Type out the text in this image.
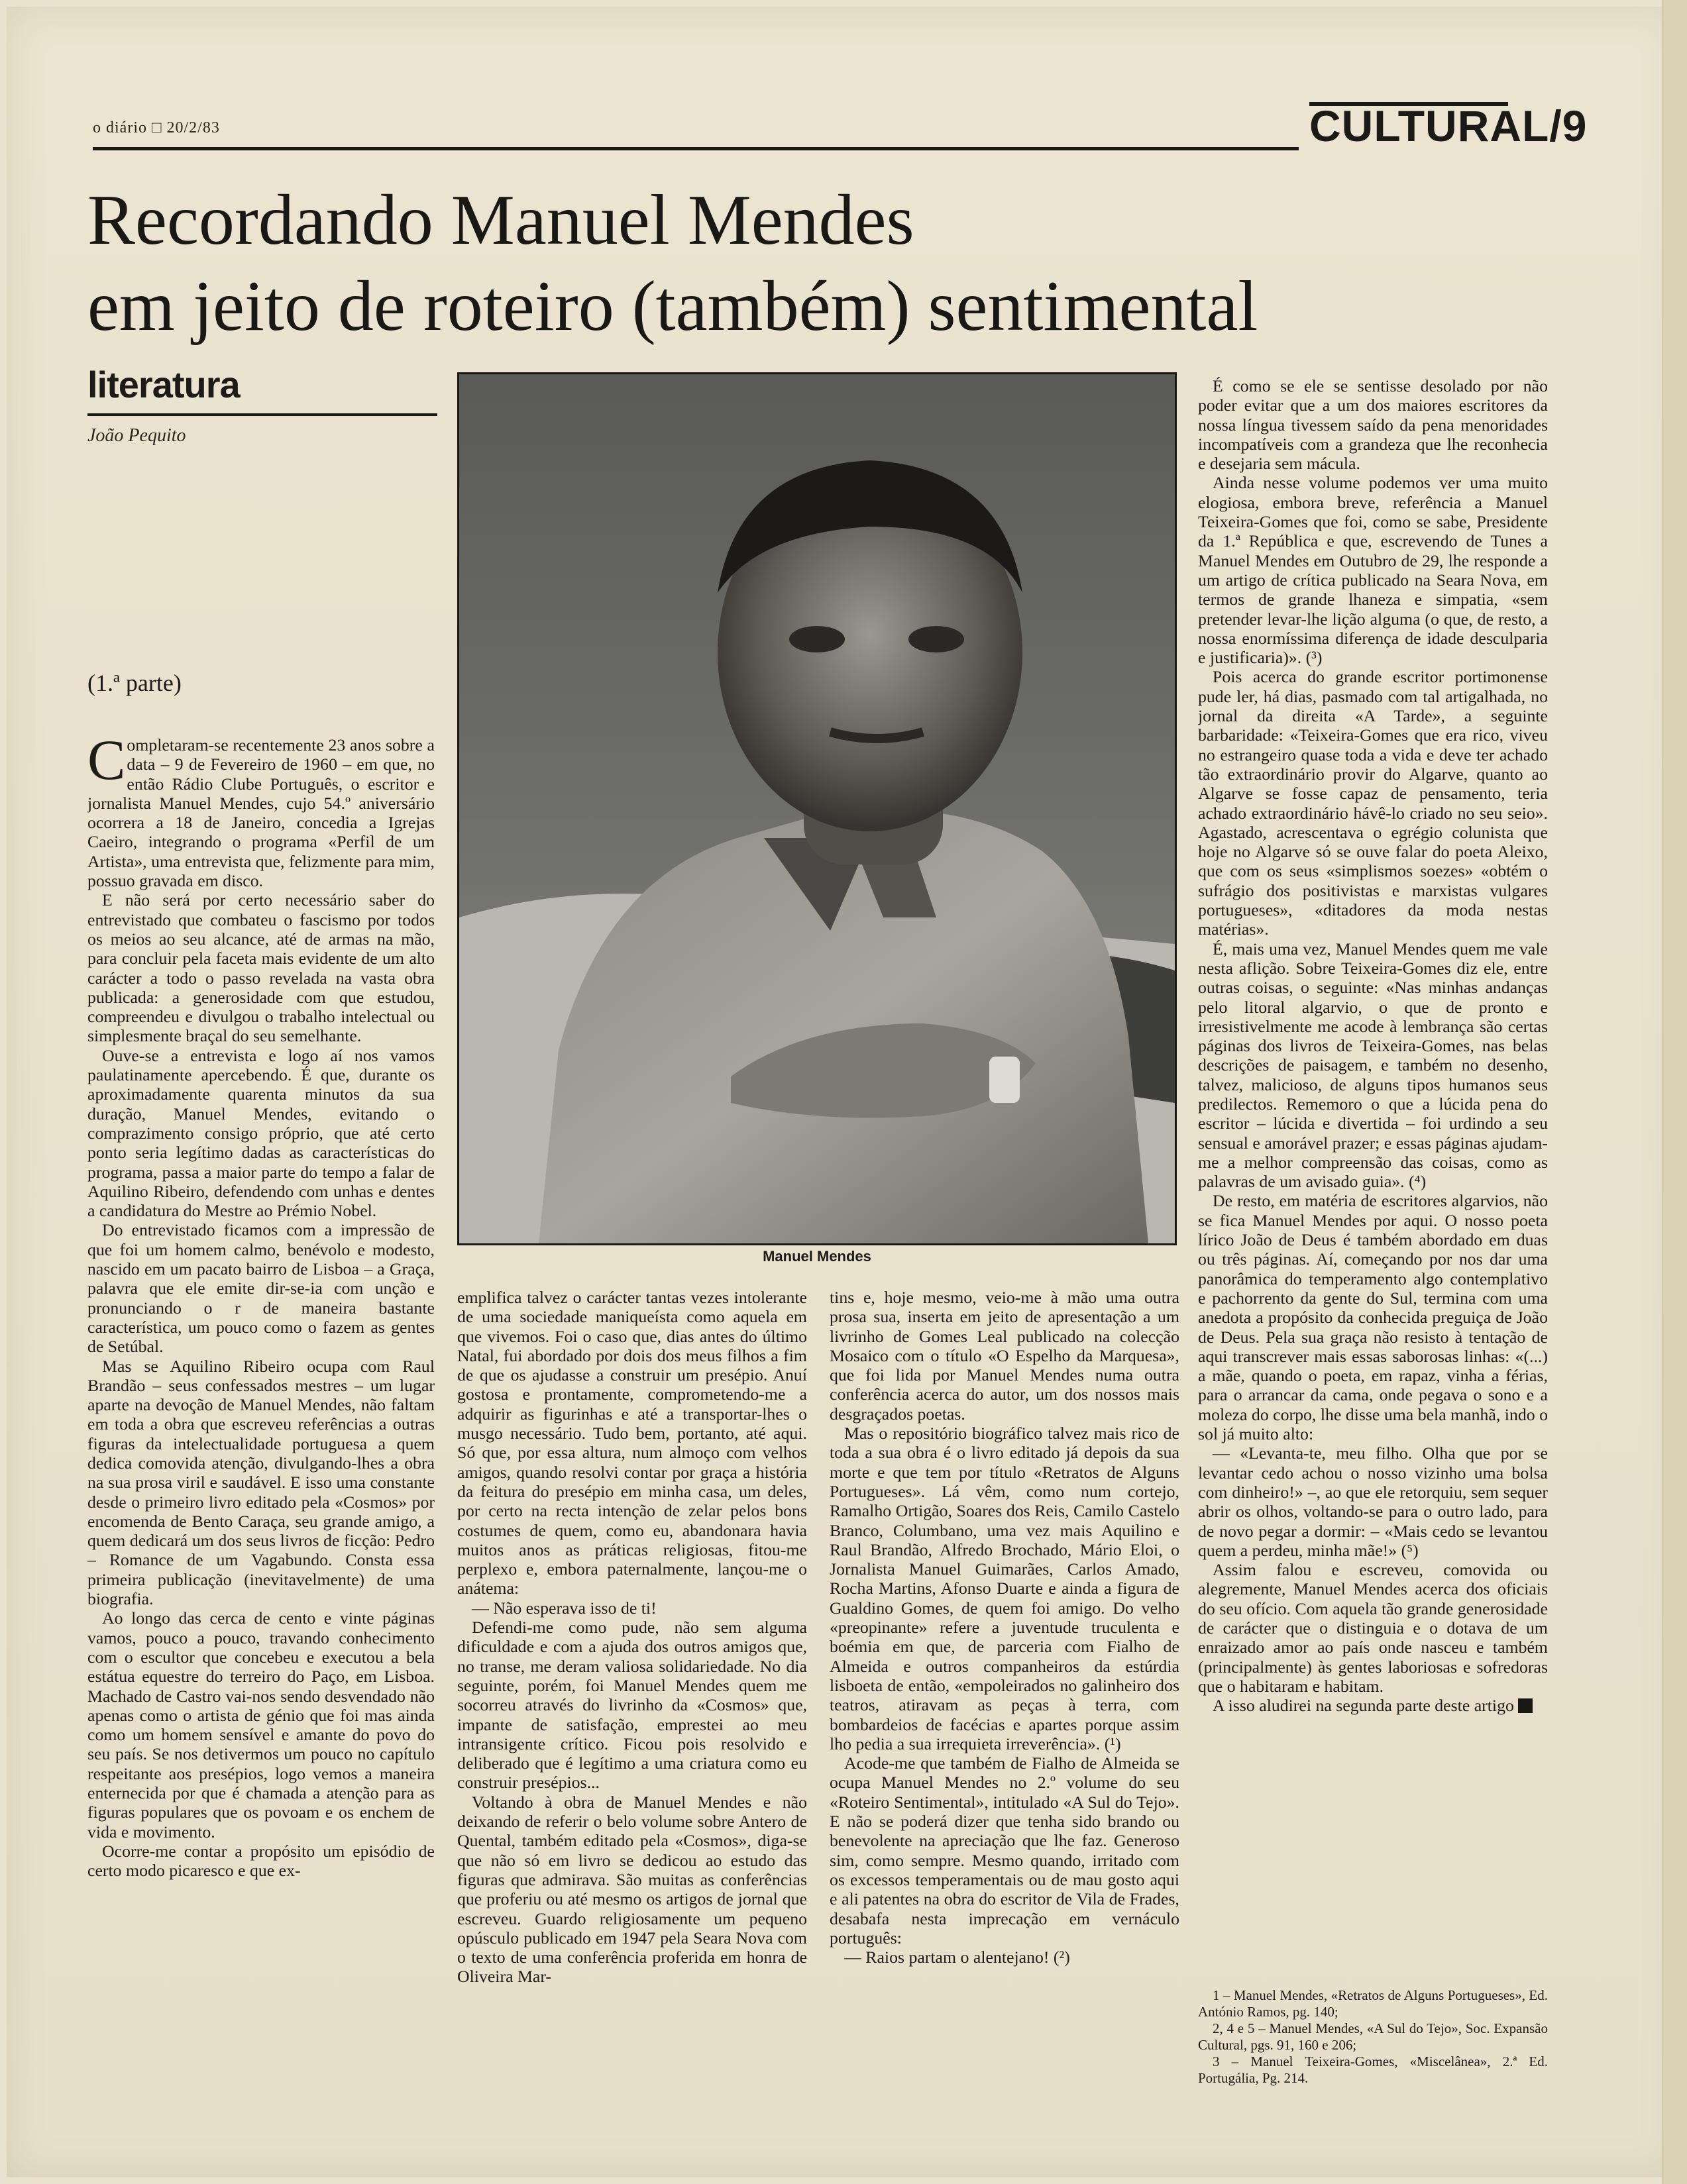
o diário □ 20/2/83	CULTURAL/9
Recordando Manuel Mendes
em jeito de roteiro (também) sentimental
literatura
João Pequito
(1.ª parte)

Completaram-se recentemente 23 anos sobre a data – 9 de Fevereiro de 1960 – em que, no então Rádio Clube Português, o escritor e jornalista Manuel Mendes, cujo 54.º aniversário ocorrera a 18 de Janeiro, concedia a Igrejas Caeiro, integrando o programa «Perfil de um Artista», uma entrevista que, felizmente para mim, possuo gravada em disco.

E não será por certo necessário saber do entrevistado que combateu o fascismo por todos os meios ao seu alcance, até de armas na mão, para concluir pela faceta mais evidente de um alto carácter a todo o passo revelada na vasta obra publicada: a generosidade com que estudou, compreendeu e divulgou o trabalho intelectual ou simplesmente braçal do seu semelhante.

Ouve-se a entrevista e logo aí nos vamos paulatinamente apercebendo. É que, durante os aproximadamente quarenta minutos da sua duração, Manuel Mendes, evitando o comprazimento consigo próprio, que até certo ponto seria legítimo dadas as características do programa, passa a maior parte do tempo a falar de Aquilino Ribeiro, defendendo com unhas e dentes a candidatura do Mestre ao Prémio Nobel.

Do entrevistado ficamos com a impressão de que foi um homem calmo, benévolo e modesto, nascido em um pacato bairro de Lisboa – a Graça, palavra que ele emite dir-se-ia com unção e pronunciando o r de maneira bastante característica, um pouco como o fazem as gentes de Setúbal.

Mas se Aquilino Ribeiro ocupa com Raul Brandão – seus confessados mestres – um lugar aparte na devoção de Manuel Mendes, não faltam em toda a obra que escreveu referências a outras figuras da intelectualidade portuguesa a quem dedica comovida atenção, divulgando-lhes a obra na sua prosa viril e saudável. E isso uma constante desde o primeiro livro editado pela «Cosmos» por encomenda de Bento Caraça, seu grande amigo, a quem dedicará um dos seus livros de ficção: Pedro – Romance de um Vagabundo. Consta essa primeira publicação (inevitavelmente) de uma biografia.

Ao longo das cerca de cento e vinte páginas vamos, pouco a pouco, travando conhecimento com o escultor que concebeu e executou a bela estátua equestre do terreiro do Paço, em Lisboa. Machado de Castro vai-nos sendo desvendado não apenas como o artista de génio que foi mas ainda como um homem sensível e amante do povo do seu país. Se nos detivermos um pouco no capítulo respeitante aos presépios, logo vemos a maneira enternecida por que é chamada a atenção para as figuras populares que os povoam e os enchem de vida e movimento.

Ocorre-me contar a propósito um episódio de certo modo picaresco e que ex-

Manuel Mendes

emplifica talvez o carácter tantas vezes intolerante de uma sociedade maniqueísta como aquela em que vivemos. Foi o caso que, dias antes do último Natal, fui abordado por dois dos meus filhos a fim de que os ajudasse a construir um presépio. Anuí gostosa e prontamente, comprometendo-me a adquirir as figurinhas e até a transportar-lhes o musgo necessário. Tudo bem, portanto, até aqui. Só que, por essa altura, num almoço com velhos amigos, quando resolvi contar por graça a história da feitura do presépio em minha casa, um deles, por certo na recta intenção de zelar pelos bons costumes de quem, como eu, abandonara havia muitos anos as práticas religiosas, fitou-me perplexo e, embora paternalmente, lançou-me o anátema:

— Não esperava isso de ti!

Defendi-me como pude, não sem alguma dificuldade e com a ajuda dos outros amigos que, no transe, me deram valiosa solidariedade. No dia seguinte, porém, foi Manuel Mendes quem me socorreu através do livrinho da «Cosmos» que, impante de satisfação, emprestei ao meu intransigente crítico. Ficou pois resolvido e deliberado que é legítimo a uma criatura como eu construir presépios...

Voltando à obra de Manuel Mendes e não deixando de referir o belo volume sobre Antero de Quental, também editado pela «Cosmos», diga-se que não só em livro se dedicou ao estudo das figuras que admirava. São muitas as conferências que proferiu ou até mesmo os artigos de jornal que escreveu. Guardo religiosamente um pequeno opúsculo publicado em 1947 pela Seara Nova com o texto de uma conferência proferida em honra de Oliveira Mar-

tins e, hoje mesmo, veio-me à mão uma outra prosa sua, inserta em jeito de apresentação a um livrinho de Gomes Leal publicado na colecção Mosaico com o título «O Espelho da Marquesa», que foi lida por Manuel Mendes numa outra conferência acerca do autor, um dos nossos mais desgraçados poetas.

Mas o repositório biográfico talvez mais rico de toda a sua obra é o livro editado já depois da sua morte e que tem por título «Retratos de Alguns Portugueses». Lá vêm, como num cortejo, Ramalho Ortigão, Soares dos Reis, Camilo Castelo Branco, Columbano, uma vez mais Aquilino e Raul Brandão, Alfredo Brochado, Mário Eloi, o Jornalista Manuel Guimarães, Carlos Amado, Rocha Martins, Afonso Duarte e ainda a figura de Gualdino Gomes, de quem foi amigo. Do velho «preopinante» refere a juventude truculenta e boémia em que, de parceria com Fialho de Almeida e outros companheiros da estúrdia lisboeta de então, «empoleirados no galinheiro dos teatros, atiravam as peças à terra, com bombardeios de facécias e apartes porque assim lho pedia a sua irrequieta irreverência». (¹)

Acode-me que também de Fialho de Almeida se ocupa Manuel Mendes no 2.º volume do seu «Roteiro Sentimental», intitulado «A Sul do Tejo». E não se poderá dizer que tenha sido brando ou benevolente na apreciação que lhe faz. Generoso sim, como sempre. Mesmo quando, irritado com os excessos temperamentais ou de mau gosto aqui e ali patentes na obra do escritor de Vila de Frades, desabafa nesta imprecação em vernáculo português:

— Raios partam o alentejano! (²)

É como se ele se sentisse desolado por não poder evitar que a um dos maiores escritores da nossa língua tivessem saído da pena menoridades incompatíveis com a grandeza que lhe reconhecia e desejaria sem mácula.

Ainda nesse volume podemos ver uma muito elogiosa, embora breve, referência a Manuel Teixeira-Gomes que foi, como se sabe, Presidente da 1.ª República e que, escrevendo de Tunes a Manuel Mendes em Outubro de 29, lhe responde a um artigo de crítica publicado na Seara Nova, em termos de grande lhaneza e simpatia, «sem pretender levar-lhe lição alguma (o que, de resto, a nossa enormíssima diferença de idade desculparia e justificaria)». (³)

Pois acerca do grande escritor portimonense pude ler, há dias, pasmado com tal artigalhada, no jornal da direita «A Tarde», a seguinte barbaridade: «Teixeira-Gomes que era rico, viveu no estrangeiro quase toda a vida e deve ter achado tão extraordinário provir do Algarve, quanto ao Algarve se fosse capaz de pensamento, teria achado extraordinário hávê-lo criado no seu seio». Agastado, acrescentava o egrégio colunista que hoje no Algarve só se ouve falar do poeta Aleixo, que com os seus «simplismos soezes» «obtém o sufrágio dos positivistas e marxistas vulgares portugueses», «ditadores da moda nestas matérias».

É, mais uma vez, Manuel Mendes quem me vale nesta aflição. Sobre Teixeira-Gomes diz ele, entre outras coisas, o seguinte: «Nas minhas andanças pelo litoral algarvio, o que de pronto e irresistivelmente me acode à lembrança são certas páginas dos livros de Teixeira-Gomes, nas belas descrições de paisagem, e também no desenho, talvez, malicioso, de alguns tipos humanos seus predilectos. Rememoro o que a lúcida pena do escritor – lúcida e divertida – foi urdindo a seu sensual e amorável prazer; e essas páginas ajudam-me a melhor compreensão das coisas, como as palavras de um avisado guia». (⁴)

De resto, em matéria de escritores algarvios, não se fica Manuel Mendes por aqui. O nosso poeta lírico João de Deus é também abordado em duas ou três páginas. Aí, começando por nos dar uma panorâmica do temperamento algo contemplativo e pachorrento da gente do Sul, termina com uma anedota a propósito da conhecida preguiça de João de Deus. Pela sua graça não resisto à tentação de aqui transcrever mais essas saborosas linhas: «(...) a mãe, quando o poeta, em rapaz, vinha a férias, para o arrancar da cama, onde pegava o sono e a moleza do corpo, lhe disse uma bela manhã, indo o sol já muito alto:

— «Levanta-te, meu filho. Olha que por se levantar cedo achou o nosso vizinho uma bolsa com dinheiro!» –, ao que ele retorquiu, sem sequer abrir os olhos, voltando-se para o outro lado, para de novo pegar a dormir: – «Mais cedo se levantou quem a perdeu, minha mãe!» (⁵)

Assim falou e escreveu, comovida ou alegremente, Manuel Mendes acerca dos oficiais do seu ofício. Com aquela tão grande generosidade de carácter que o distinguia e o dotava de um enraizado amor ao país onde nasceu e também (principalmente) às gentes laboriosas e sofredoras que o habitaram e habitam.

A isso aludirei na segunda parte deste artigo

1 – Manuel Mendes, «Retratos de Alguns Portugueses», Ed. António Ramos, pg. 140;

2, 4 e 5 – Manuel Mendes, «A Sul do Tejo», Soc. Expansão Cultural, pgs. 91, 160 e 206;

3 – Manuel Teixeira-Gomes, «Miscelânea», 2.ª Ed. Portugália, Pg. 214.
